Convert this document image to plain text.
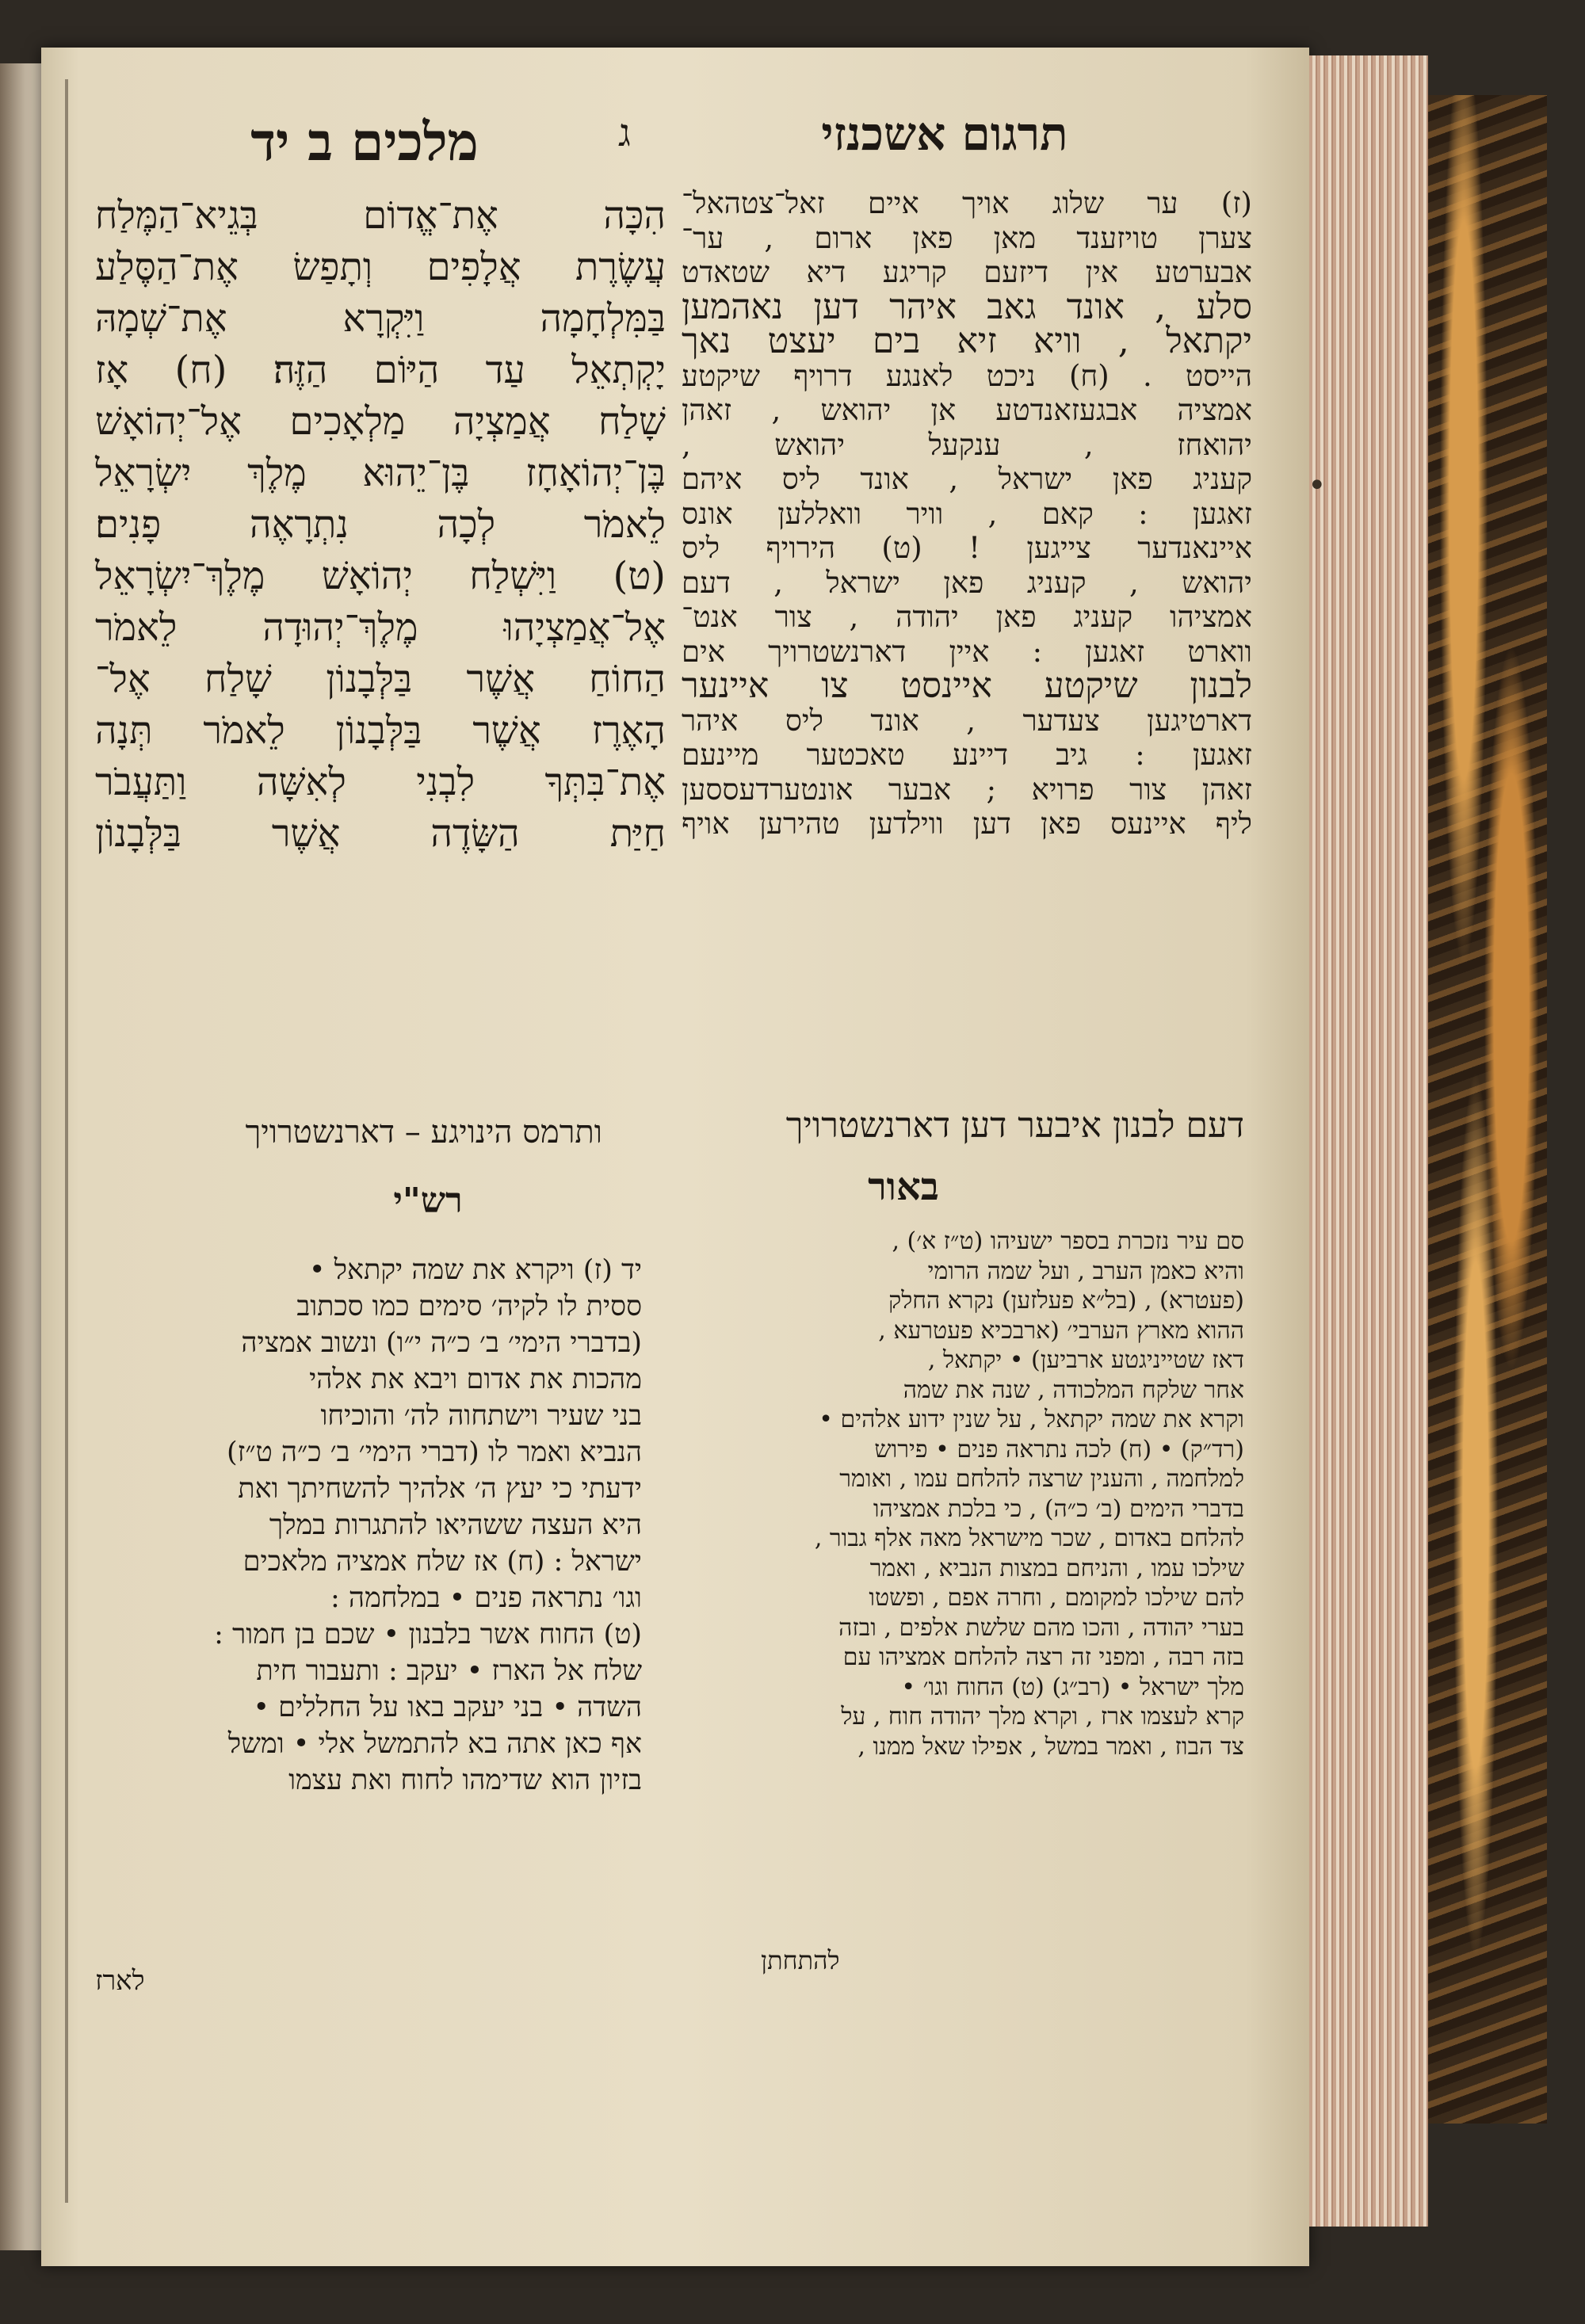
תרגום אשכנזי
ג
מלכים ב יד
הִכָּה אֶת־אֱדוֹם בְּגֵיא־הַמֶּלַח
עֲשֶׂרֶת אֲלָפִים וְתָפַשׂ אֶת־הַסֶּלַע
בַּמִּלְחָמָה וַיִּקְרָא אֶת־שְׁמָהּ
יָקְתְאֵל עַד הַיּוֹם הַזֶּה׃ (ח) אָז
שָׁלַח אֲמַצְיָה מַלְאָכִים אֶל־יְהוֹאָשׁ
בֶּן־יְהוֹאָחָז בֶּן־יֵהוּא מֶלֶךְ יִשְׂרָאֵל
לֵאמֹר לְכָה נִתְרָאֶה פָנִים׃
(ט) וַיִּשְׁלַח יְהוֹאָשׁ מֶלֶךְ־יִשְׂרָאֵל
אֶל־אֲמַצְיָהוּ מֶלֶךְ־יְהוּדָה לֵאמֹר
הַחוֹחַ אֲשֶׁר בַּלְּבָנוֹן שָׁלַח אֶל־
הָאֶרֶז אֲשֶׁר בַּלְּבָנוֹן לֵאמֹר תְּנָה
אֶת־בִּתְּךָ לִבְנִי לְאִשָּׁה וַתַּעֲבֹר
חַיַּת הַשָּׂדֶה אֲשֶׁר בַּלְּבָנוֹן
(ז) ער שלוג אויך איים זאל־צטהאל־
צערן טויזענד מאן פאן ארום , ער־
אבערטע אין דיזעם קריגע דיא שטאדט
סלע , אונד גאב איהר דען נאהמען
יקתאל , וויא זיא בים יעצט נאך
הייסט . (ח) ניכט לאנגע דרויף שיקטע
אמציה אבגעזאנדטע אן יהואש , זאהן
יהואחז , ענקעל יהואש ,
קעניג פאן ישראל , אונד ליס איהם
זאגען : קאם , וויר וואללען אונס
איינאנדער צייגען ! (ט) הירויף ליס
יהואש , קעניג פאן ישראל , דעם
אמציהו קעניג פאן יהודה , צור אנט־
ווארט זאגען : איין דארנשטרויך אים
לבנון שיקטע איינסט צו איינער
דארטיגען צעדער , אונד ליס איהר
זאגען : גיב דיינע טאכטער מיינעם
זאהן צור פרויא ; אבער אונטערדעססען
ליף איינעס פאן דען ווילדען טהירען אויף
ותרמס הינויגע – דארנשטרויך	דעם לבנון איבער דען דארנשטרויך
רש"י	באור
יד (ז) ויקרא את שמה יקתאל •
ססית לו לקיה׳ סימים כמו סכתוב
(בדברי הימי׳ ב׳ כ״ה י״ו) ונשוב אמציה
מהכות את אדום ויבא את אלהי
בני שעיר וישתחוה לה׳ והוכיחו
הנביא ואמר לו (דברי הימי׳ ב׳ כ״ה ט״ז)
ידעתי כי יעץ ה׳ אלהיך להשחיתך ואת
היא העצה ששהיאו להתגרות במלך
ישראל : (ח) אז שלח אמציה מלאכים
וגו׳ נתראה פנים • במלחמה :
(ט) החוח אשר בלבנון • שכם בן חמור :
שלח אל הארז • יעקב : ותעבור חית
השדה • בני יעקב באו על החללים •
אף כאן אתה בא להתמשל אלי • ומשל
בזיון הוא שדימהו לחוח ואת עצמו
לארז
סם עיר נזכרת בספר ישעיהו (ט״ז א׳) ,
והיא כאמן הערב , ועל שמה הרומי
(פעטרא) , (בל״א פעלזען) נקרא החלק
ההוא מארץ הערבי׳ (ארבכיא פעטרעא ,
דאז שטייניגטע ארביען) • יקתאל ,
אחר שלקח המלכודה , שנה את שמה
וקרא את שמה יקתאל , על שנין ידוע אלהים •
(רד״ק) • (ח) לכה נתראה פנים • פירוש
למלחמה , והענין שרצה להלחם עמו , ואומר
בדברי הימים (ב׳ כ״ה) , כי בלכת אמציהו
להלחם באדום , שכר מישראל מאה אלף גבור ,
שילכו עמו , והניחם במצות הנביא , ואמר
להם שילכו למקומם , וחרה אפם , ופשטו
בערי יהודה , והכו מהם שלשת אלפים , ובזה
בזה רבה , ומפני זה רצה להלחם אמציהו עם
מלך ישראל • (רב״ג) (ט) החוח וגו׳ •
קרא לעצמו ארז , וקרא מלך יהודה חוח , על
צד הבוז , ואמר במשל , אפילו שאל ממנו ,
להתחתן
•
